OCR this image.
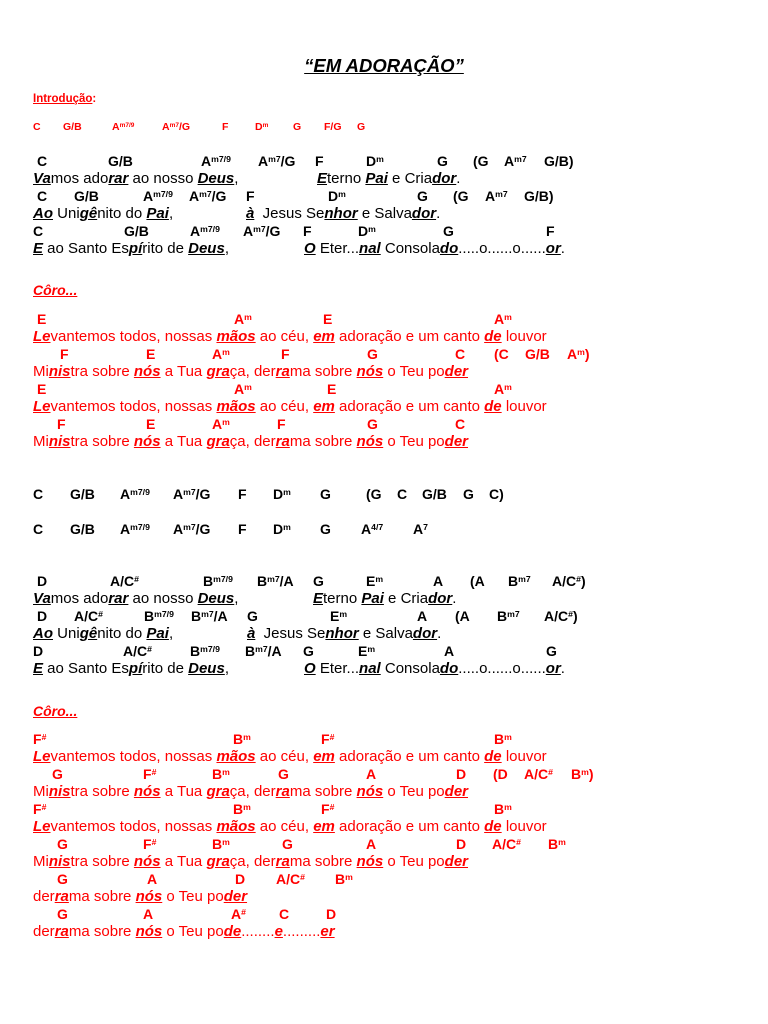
“EM ADORAÇÃO”
Introdução:
C G/B	$A^{m7/9}$	$A^{m7}/G$	F	$D^m$ G F/G G
C	G/B	$A^{m7/9}$ $A^{m7}/G$ F	$D^m$	G (G $A^{m7}$ G/B)
Vamos adorar ao nosso Deus,	Eterno Pai e Criador.
C G/B	$A^{m7/9}$ $A^{m7}/G$ F	$D^m$	G (G $A^{m7}$ G/B)
Ao Unigênito do Pai,	à  Jesus Senhor e Salvador.
C	G/B	$A^{m7/9}$ $A^{m7}/G$ F	$D^m$	G	F
E ao Santo Espírito de Deus,	O Eter...nal Consolado.....o......o......or.
Côro...
E	$A^m$	E	$A^m$
Levantemos todos, nossas mãos ao céu, em adoração e um canto de louvor
F	E	$A^m$	F	G	C (C G/B $A^m$)
Ministra sobre nós a Tua graça, derrama sobre nós o Teu poder
E	$A^m$	E	$A^m$
Levantemos todos, nossas mãos ao céu, em adoração e um canto de louvor
F	E	$A^m$	F	G	C
Ministra sobre nós a Tua graça, derrama sobre nós o Teu poder
C G/B $A^{m7/9}$ $A^{m7}/G$ F $D^m$ G	(G C G/B G C)
C G/B $A^{m7/9}$ $A^{m7}/G$ F $D^m$ G $A^{4/7}$ $A^7$
D	A/C#	$B^{m7/9}$ $B^{m7}/A$ G	$E^m$	A (A $B^{m7}$ A/C#)
Vamos adorar ao nosso Deus,	Eterno Pai e Criador.
D A/C#	$B^{m7/9}$ $B^{m7}/A$ G	$E^m$	A (A $B^{m7}$ A/C#)
Ao Unigênito do Pai,	à  Jesus Senhor e Salvador.
D	A/C#	$B^{m7/9}$ $B^{m7}/A$ G	$E^m$	A	G
E ao Santo Espírito de Deus,	O Eter...nal Consolado.....o......o......or.
Côro...
F#	$B^m$	F#	$B^m$
Levantemos todos, nossas mãos ao céu, em adoração e um canto de louvor
G	F#	$B^m$	G	A	D (D A/C# $B^m$)
Ministra sobre nós a Tua graça, derrama sobre nós o Teu poder
F#	$B^m$	F#	$B^m$
Levantemos todos, nossas mãos ao céu, em adoração e um canto de louvor
G	F#	$B^m$	G	A	D A/C# $B^m$
Ministra sobre nós a Tua graça, derrama sobre nós o Teu poder
G	A	D A/C# $B^m$
derrama sobre nós o Teu poder
G	A	A# C	D
derrama sobre nós o Teu pode........e.........er
